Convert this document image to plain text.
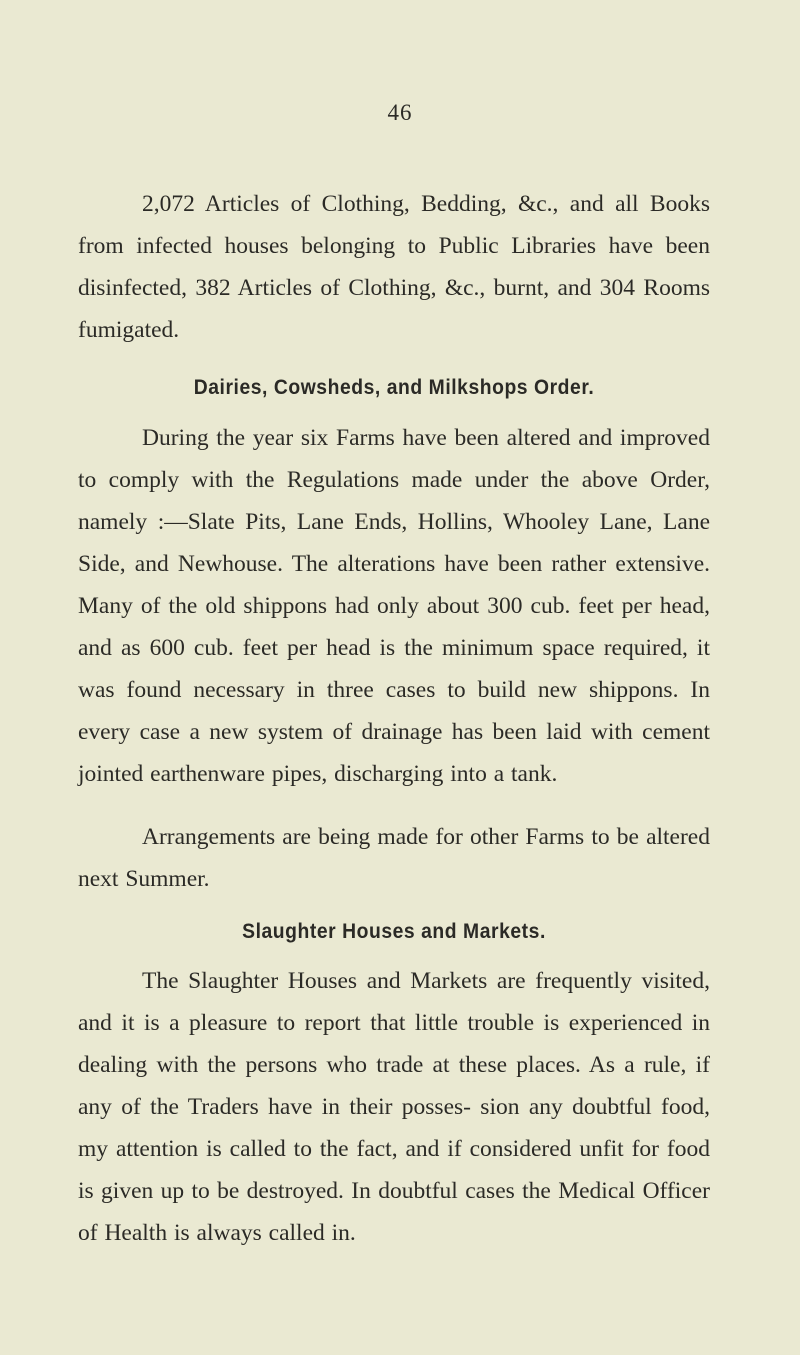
46

2,072 Articles of Clothing, Bedding, &c., and all Books from infected houses belonging to Public Libraries have been disinfected, 382 Articles of Clothing, &c., burnt, and 304 Rooms fumigated.

Dairies, Cowsheds, and Milkshops Order.

During the year six Farms have been altered and improved to comply with the Regulations made under the above Order, namely :—Slate Pits, Lane Ends, Hollins, Whooley Lane, Lane Side, and Newhouse. The alterations have been rather extensive. Many of the old shippons had only about 300 cub. feet per head, and as 600 cub. feet per head is the minimum space required, it was found necessary in three cases to build new shippons. In every case a new system of drainage has been laid with cement jointed earthenware pipes, discharging into a tank.

Arrangements are being made for other Farms to be altered next Summer.

Slaughter Houses and Markets.

The Slaughter Houses and Markets are frequently visited, and it is a pleasure to report that little trouble is experienced in dealing with the persons who trade at these places. As a rule, if any of the Traders have in their posses- sion any doubtful food, my attention is called to the fact, and if considered unfit for food is given up to be destroyed. In doubtful cases the Medical Officer of Health is always called in.
